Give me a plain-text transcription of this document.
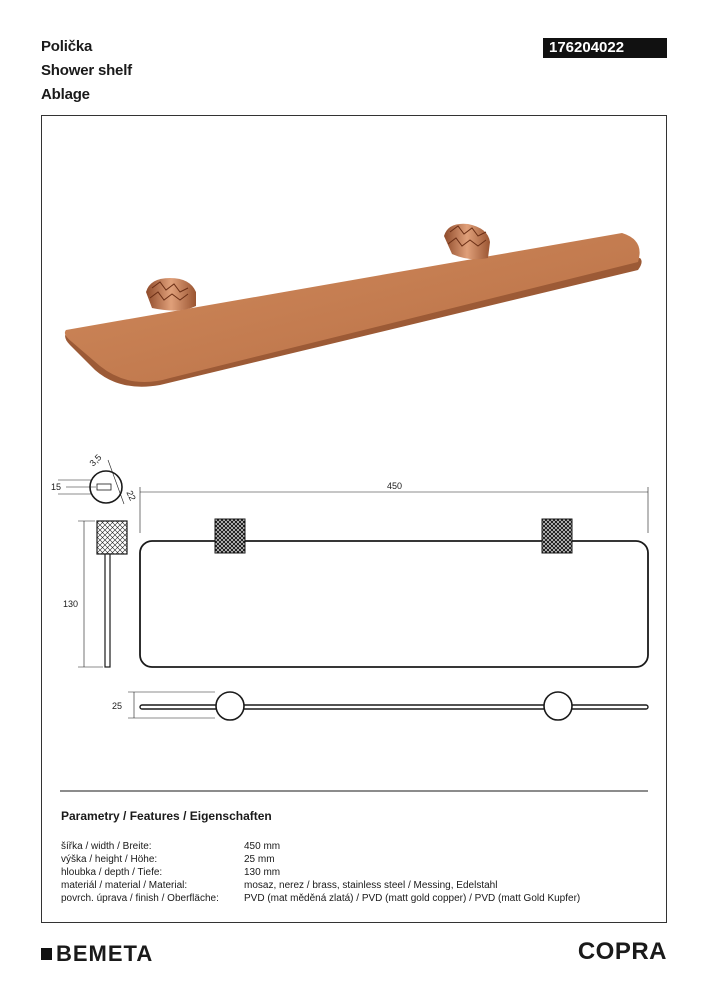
Polička
Shower shelf
Ablage
176204022
3,5
15
22
450
130
25
Parametry / Features / Eigenschaften
šířka / width / Breite:	450 mm
výška / height / Höhe:	25 mm
hloubka / depth / Tiefe:	130 mm
materiál / material / Material:	mosaz, nerez / brass, stainless steel / Messing, Edelstahl
povrch. úprava / finish / Oberfläche:	PVD (mat měděná zlatá) / PVD (matt gold copper) / PVD (matt Gold Kupfer)
BEMETA	COPRA
